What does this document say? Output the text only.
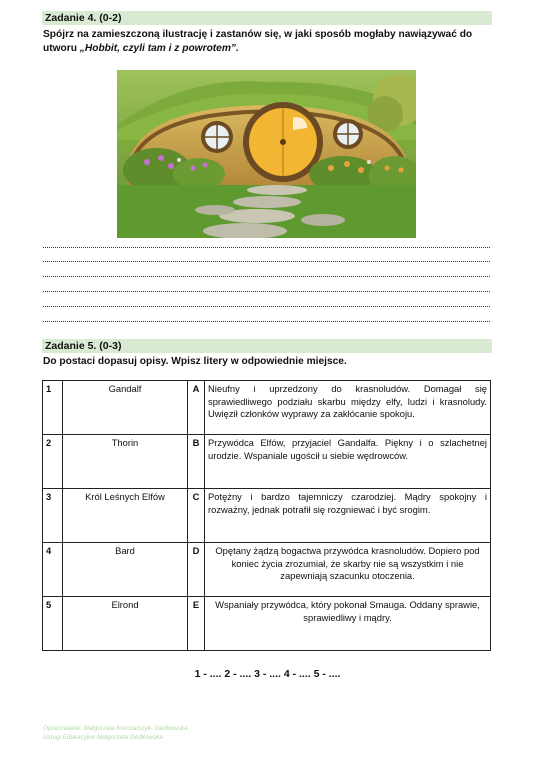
Zadanie 4. (0-2)
Spójrz na zamieszczoną ilustrację i zastanów się, w jaki sposób mogłaby nawiązywać do utworu „Hobbit, czyli tam i z powrotem”.
Zadanie 5. (0-3)
Do postaci dopasuj opisy. Wpisz litery w odpowiednie miejsce.
1	Gandalf	A	Nieufny i uprzedzony do krasnoludów. Domagał się sprawiedliwego podziału skarbu między elfy, ludzi i krasnoludy. Uwięził członków wyprawy za zakłócanie spokoju.
2	Thorin	B	Przywódca Elfów, przyjaciel Gandalfa. Piękny i o szlachetnej urodzie. Wspaniale ugościł u siebie wędrowców.
3	Król Leśnych Elfów	C	Potężny i bardzo tajemniczy czarodziej. Mądry spokojny i rozważny, jednak potrafił się rozgniewać i być srogim.
4	Bard	D	Opętany żądzą bogactwa przywódca krasnoludów. Dopiero pod koniec życia zrozumiał, że skarby nie są wszystkim i nie zapewniają szacunku otoczenia.
5	Elrond	E	Wspaniały przywódca, który pokonał Smauga. Oddany sprawie, sprawiedliwy i mądry.
1 - .... 2 - .... 3 - .... 4 - .... 5 - ....
Opracowanie: Małgorzata Korczarczyk- Gedkowska
Ustugi Edukacyjne Małgorzata Gedkowska
